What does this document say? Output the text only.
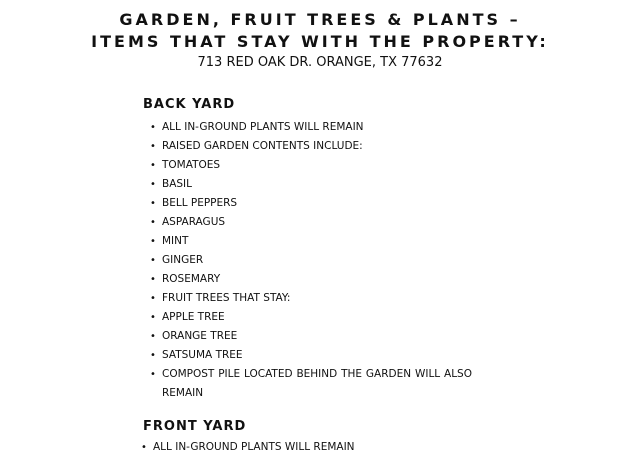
GARDEN, FRUIT TREES & PLANTS –
ITEMS THAT STAY WITH THE PROPERTY:

713 RED OAK DR. ORANGE, TX 77632

BACK YARD
• ALL IN-GROUND PLANTS WILL REMAIN
• RAISED GARDEN CONTENTS INCLUDE:
• TOMATOES
• BASIL
• BELL PEPPERS
• ASPARAGUS
• MINT
• GINGER
• ROSEMARY
• FRUIT TREES THAT STAY:
• APPLE TREE
• ORANGE TREE
• SATSUMA TREE
• COMPOST PILE LOCATED BEHIND THE GARDEN WILL ALSO REMAIN
FRONT YARD
• ALL IN-GROUND PLANTS WILL REMAIN
